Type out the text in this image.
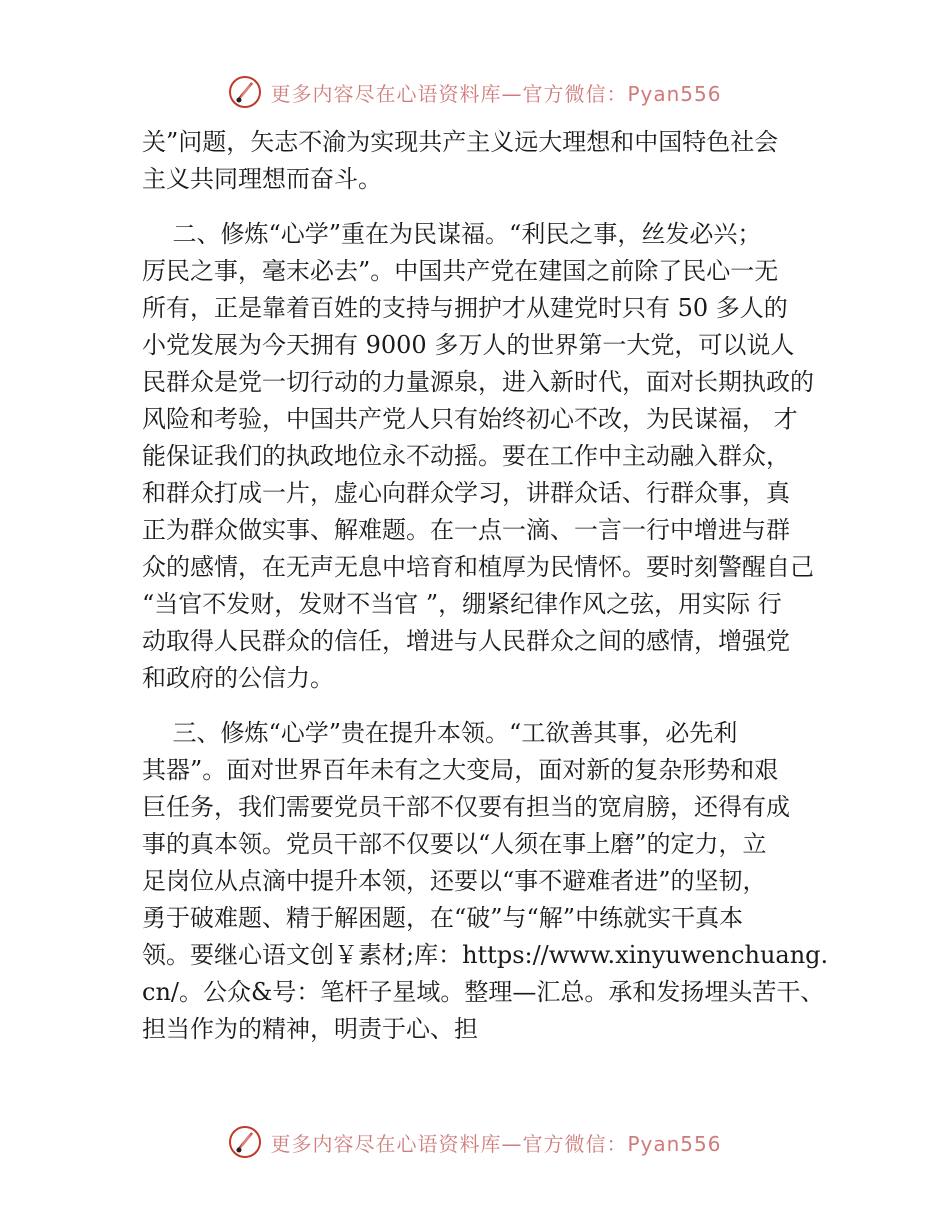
更多内容尽在心语资料库—官方微信：Pyan556
关”问题，矢志不渝为实现共产主义远大理想和中国特色社会
主义共同理想而奋斗。
二、修炼“心学”重在为民谋福。“利民之事，丝发必兴；
厉民之事，毫末必去”。中国共产党在建国之前除了民心一无
所有，正是靠着百姓的支持与拥护才从建党时只有 50 多人的
小党发展为今天拥有 9000 多万人的世界第一大党，可以说人
民群众是党一切行动的力量源泉，进入新时代，面对长期执政的
风险和考验，中国共产党人只有始终初心不改，为民谋福， 才
能保证我们的执政地位永不动摇。要在工作中主动融入群众，
和群众打成一片，虚心向群众学习，讲群众话、行群众事，真
正为群众做实事、解难题。在一点一滴、一言一行中增进与群
众的感情，在无声无息中培育和植厚为民情怀。要时刻警醒自己
“当官不发财，发财不当官 ”，绷紧纪律作风之弦，用实际 行
动取得人民群众的信任，增进与人民群众之间的感情，增强党
和政府的公信力。
三、修炼“心学”贵在提升本领。“工欲善其事，必先利
其器”。面对世界百年未有之大变局，面对新的复杂形势和艰
巨任务，我们需要党员干部不仅要有担当的宽肩膀，还得有成
事的真本领。党员干部不仅要以“人须在事上磨”的定力，立
足岗位从点滴中提升本领，还要以“事不避难者进”的坚韧，
勇于破难题、精于解困题，在“破”与“解”中练就实干真本
领。要继心语文创￥素材;库：https://www.xinyuwenchuang.
cn/。公众&号：笔杆子星域。整理—汇总。承和发扬埋头苦干、
担当作为的精神，明责于心、担
更多内容尽在心语资料库—官方微信：Pyan556
